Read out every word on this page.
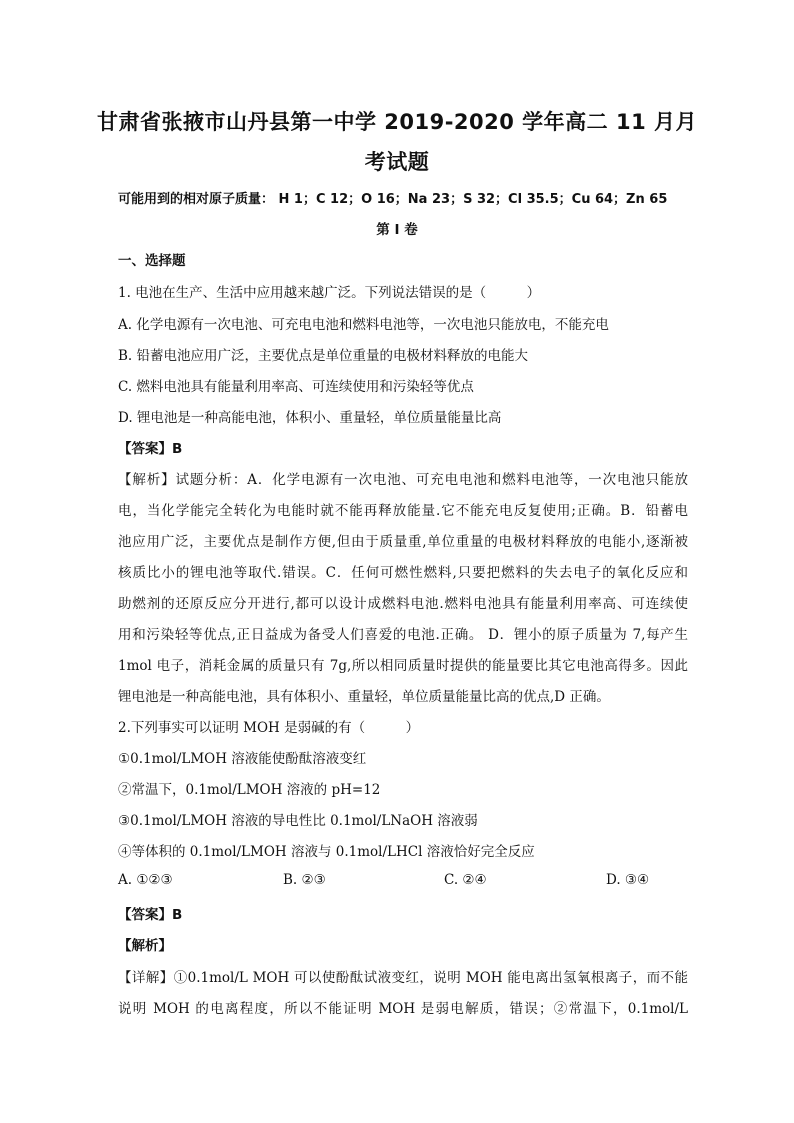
甘肃省张掖市山丹县第一中学 2019-2020 学年高二 11 月月
考试题
可能用到的相对原子质量： H 1；C 12；O 16；Na 23；S 32；Cl 35.5；Cu 64；Zn 65
第 I 卷
一、选择题
1. 电池在生产、生活中应用越来越广泛。下列说法错误的是（　　　）
A. 化学电源有一次电池、可充电电池和燃料电池等，一次电池只能放电，不能充电
B. 铅蓄电池应用广泛，主要优点是单位重量的电极材料释放的电能大
C. 燃料电池具有能量利用率高、可连续使用和污染轻等优点
D. 锂电池是一种高能电池，体积小、重量轻，单位质量能量比高
【答案】B
【解析】试题分析：A．化学电源有一次电池、可充电电池和燃料电池等，一次电池只能放
电，当化学能完全转化为电能时就不能再释放能量.它不能充电反复使用;正确。B．铅蓄电
池应用广泛，主要优点是制作方便,但由于质量重,单位重量的电极材料释放的电能小,逐渐被
核质比小的锂电池等取代.错误。C．任何可燃性燃料,只要把燃料的失去电子的氧化反应和
助燃剂的还原反应分开进行,都可以设计成燃料电池.燃料电池具有能量利用率高、可连续使
用和污染轻等优点,正日益成为备受人们喜爱的电池.正确。 D．锂小的原子质量为 7,每产生
1mol 电子，消耗金属的质量只有 7g,所以相同质量时提供的能量要比其它电池高得多。因此
锂电池是一种高能电池，具有体积小、重量轻，单位质量能量比高的优点,D 正确。
2.下列事实可以证明 MOH 是弱碱的有（　　　）
①0.1mol/LMOH 溶液能使酚酞溶液变红
②常温下，0.1mol/LMOH 溶液的 pH=12
③0.1mol/LMOH 溶液的导电性比 0.1mol/LNaOH 溶液弱
④等体积的 0.1mol/LMOH 溶液与 0.1mol/LHCl 溶液恰好完全反应
A. ①②③	B. ②③	C. ②④	D. ③④
【答案】B
【解析】
【详解】①0.1mol/L MOH 可以使酚酞试液变红，说明 MOH 能电离出氢氧根离子，而不能
说明 MOH 的电离程度，所以不能证明 MOH 是弱电解质，错误；②常温下，0.1mol/L
